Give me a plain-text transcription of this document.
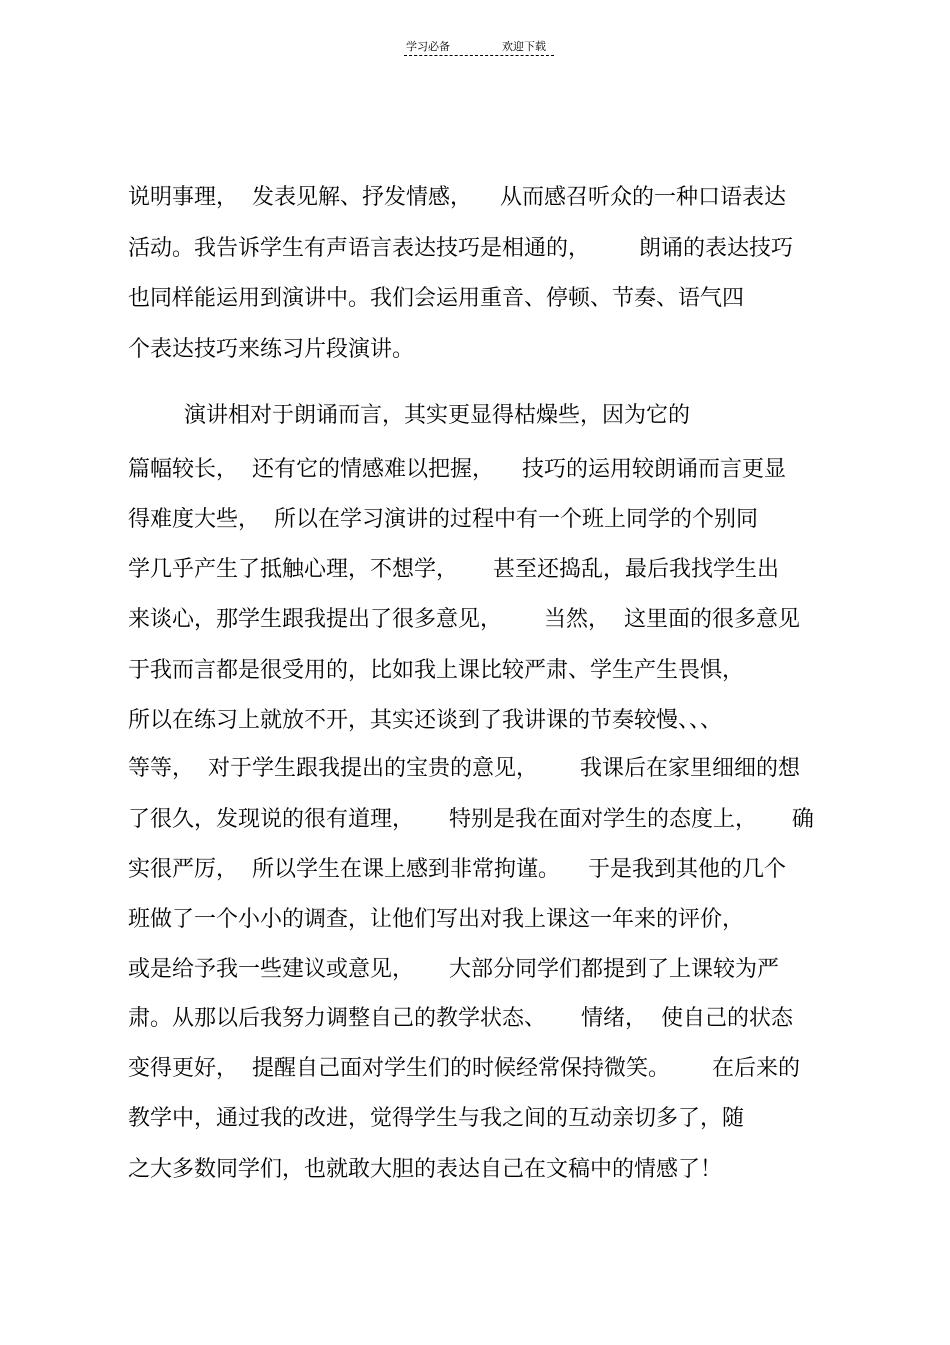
学习必备	欢迎下载
说明事理，  发表见解、抒发情感，    从而感召听众的一种口语表达
活动。我告诉学生有声语言表达技巧是相通的，       朗诵的表达技巧
也同样能运用到演讲中。我们会运用重音、停顿、节奏、语气四
个表达技巧来练习片段演讲。
演讲相对于朗诵而言，其实更显得枯燥些，因为它的
篇幅较长，  还有它的情感难以把握，    技巧的运用较朗诵而言更显
得难度大些，  所以在学习演讲的过程中有一个班上同学的个别同
学几乎产生了抵触心理，不想学，     甚至还捣乱，最后我找学生出
来谈心，那学生跟我提出了很多意见，      当然，  这里面的很多意见
于我而言都是很受用的，比如我上课比较严肃、学生产生畏惧，
所以在练习上就放不开，其实还谈到了我讲课的节奏较慢、、、
等等，  对于学生跟我提出的宝贵的意见，      我课后在家里细细的想
了很久，发现说的很有道理，     特别是我在面对学生的态度上，     确
实很严厉，  所以学生在课上感到非常拘谨。    于是我到其他的几个
班做了一个小小的调查，让他们写出对我上课这一年来的评价，
或是给予我一些建议或意见，     大部分同学们都提到了上课较为严
肃。从那以后我努力调整自己的教学状态、     情绪，  使自己的状态
变得更好，  提醒自己面对学生们的时候经常保持微笑。      在后来的
教学中，通过我的改进，觉得学生与我之间的互动亲切多了，随
之大多数同学们，也就敢大胆的表达自己在文稿中的情感了！
